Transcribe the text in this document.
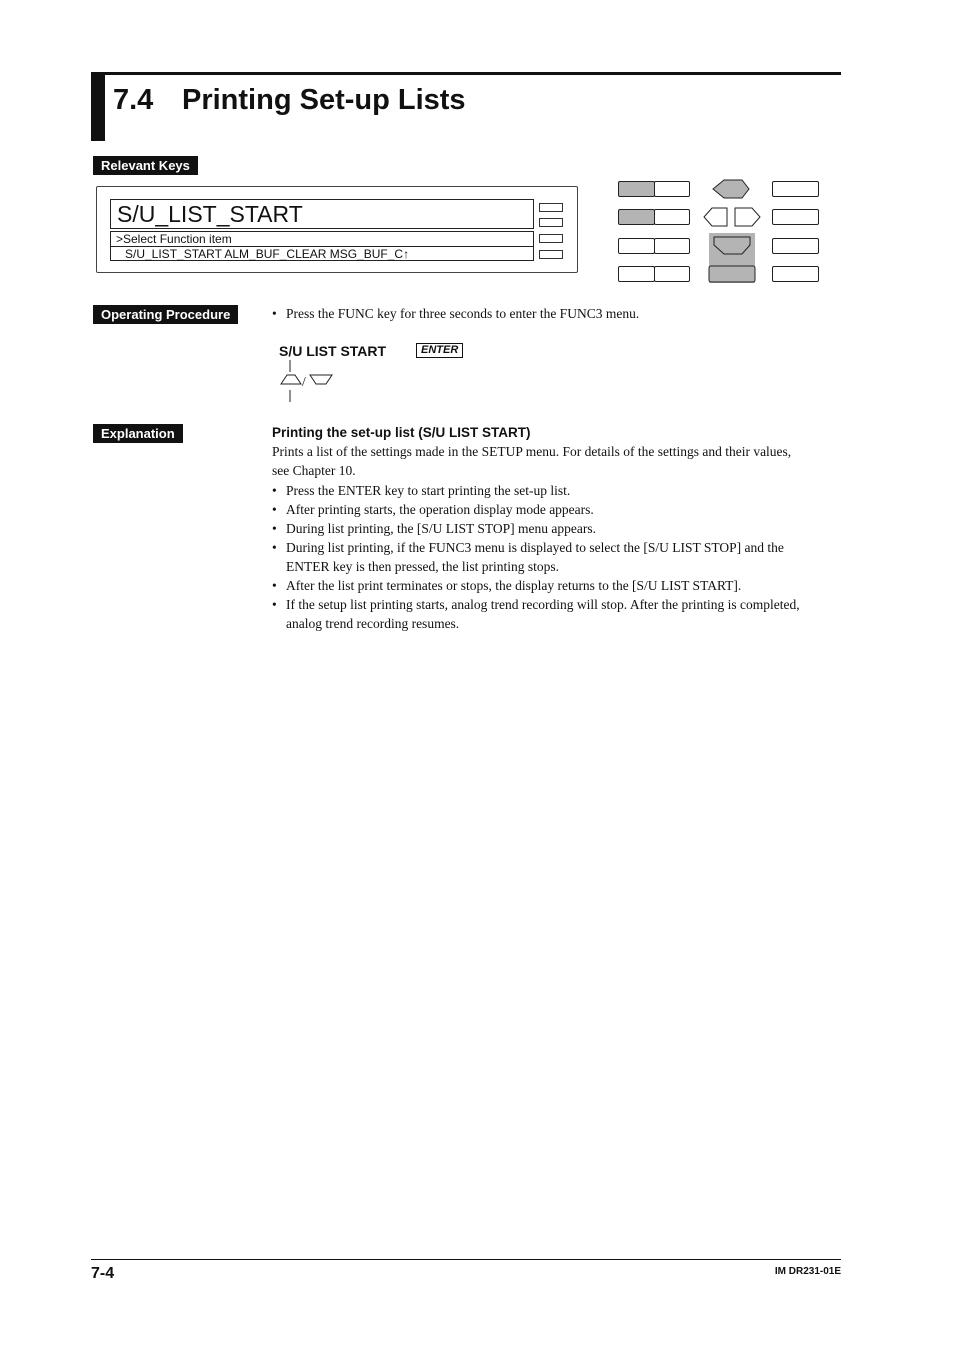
7.4 Printing Set-up Lists
Relevant Keys
S/U_LIST_START
>Select Function item
S/U_LIST_START ALM_BUF_CLEAR MSG_BUF_C↑
Operating Procedure	• Press the FUNC key for three seconds to enter the FUNC3 menu.
S/U LIST START	ENTER
/
Explanation	Printing the set-up list (S/U LIST START)
Prints a list of the settings made in the SETUP menu. For details of the settings and their values,
see Chapter 10.
• Press the ENTER key to start printing the set-up list.
• After printing starts, the operation display mode appears.
• During list printing, the [S/U LIST STOP] menu appears.
• During list printing, if the FUNC3 menu is displayed to select the [S/U LIST STOP] and the
ENTER key is then pressed, the list printing stops.
• After the list print terminates or stops, the display returns to the [S/U LIST START].
• If the setup list printing starts, analog trend recording will stop. After the printing is completed,
analog trend recording resumes.
7-4	IM DR231-01E
